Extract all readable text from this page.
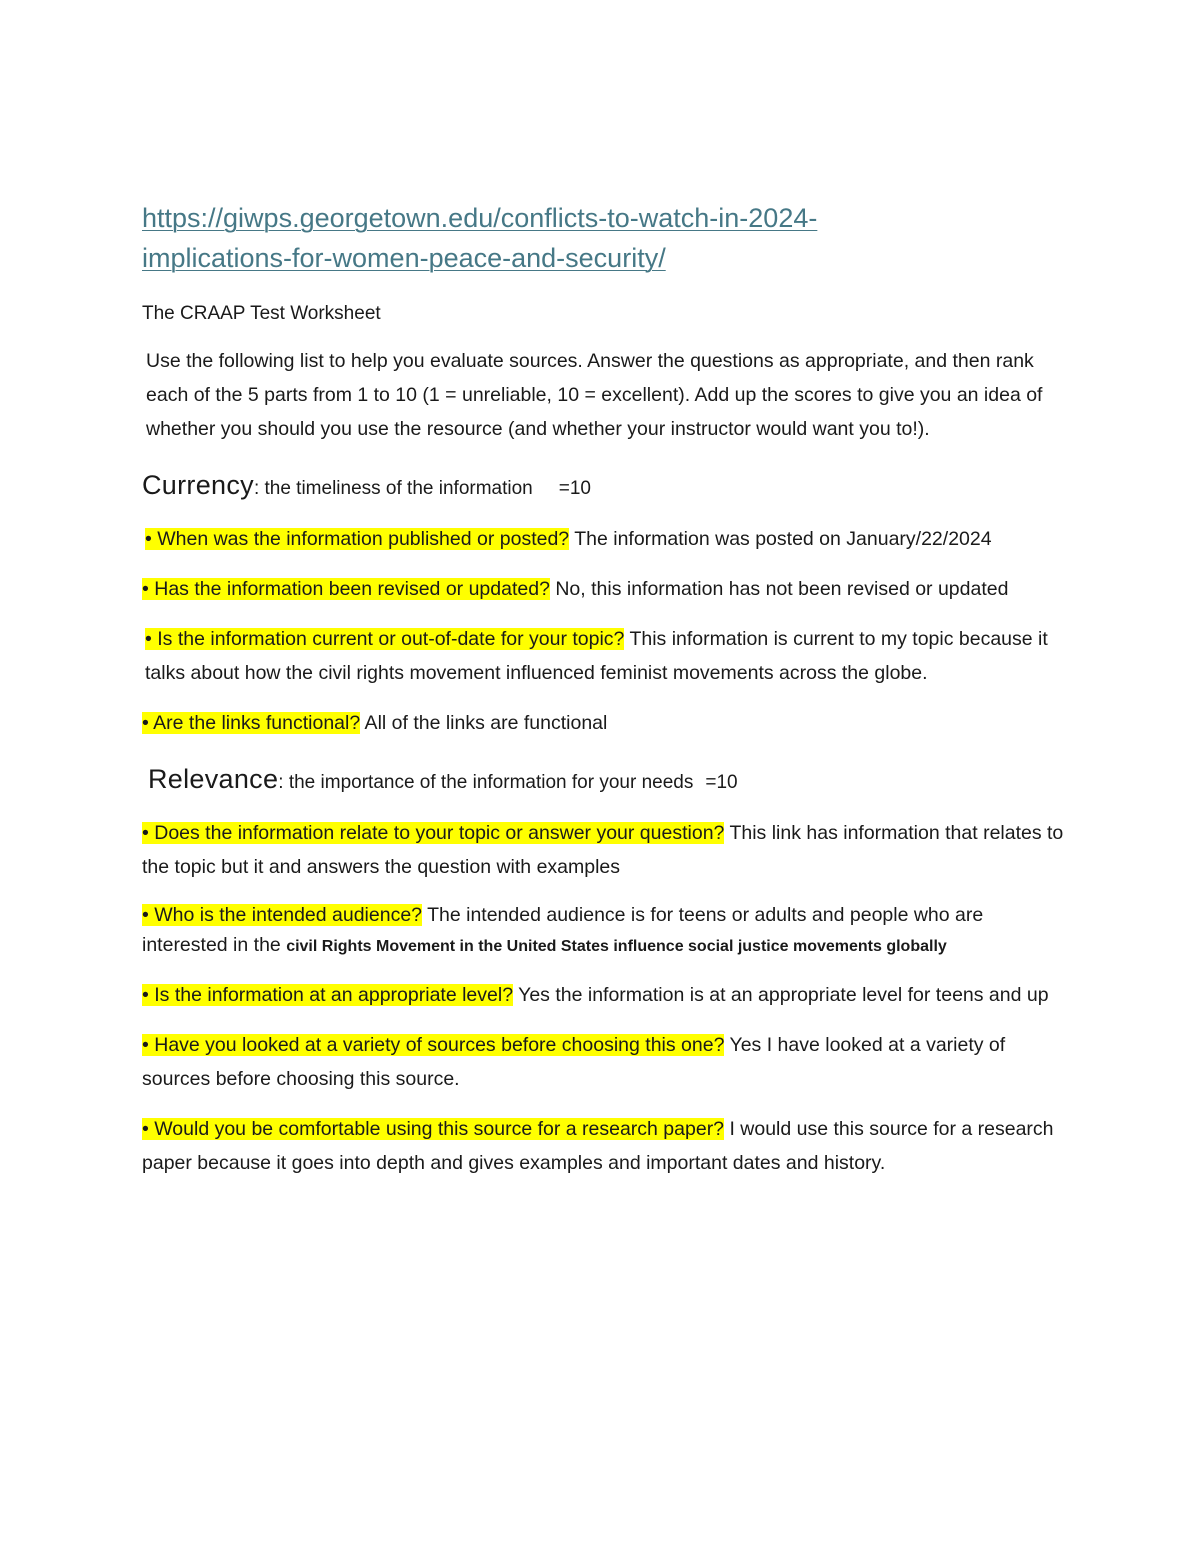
https://giwps.georgetown.edu/conflicts-to-watch-in-2024-
implications-for-women-peace-and-security/
The CRAAP Test Worksheet
Use the following list to help you evaluate sources. Answer the questions as appropriate, and then rank each of the 5 parts from 1 to 10 (1 = unreliable, 10 = excellent). Add up the scores to give you an idea of whether you should you use the resource (and whether your instructor would want you to!).
Currency: the timeliness of the information =10
• When was the information published or posted? The information was posted on January/22/2024
• Has the information been revised or updated? No, this information has not been revised or updated
• Is the information current or out-of-date for your topic? This information is current to my topic because it talks about how the civil rights movement influenced feminist movements across the globe.
• Are the links functional? All of the links are functional
Relevance: the importance of the information for your needs =10
• Does the information relate to your topic or answer your question? This link has information that relates to the topic but it and answers the question with examples
• Who is the intended audience? The intended audience is for teens or adults and people who are interested in the civil Rights Movement in the United States influence social justice movements globally
• Is the information at an appropriate level? Yes the information is at an appropriate level for teens and up
• Have you looked at a variety of sources before choosing this one? Yes I have looked at a variety of sources before choosing this source.
• Would you be comfortable using this source for a research paper? I would use this source for a research paper because it goes into depth and gives examples and important dates and history.
